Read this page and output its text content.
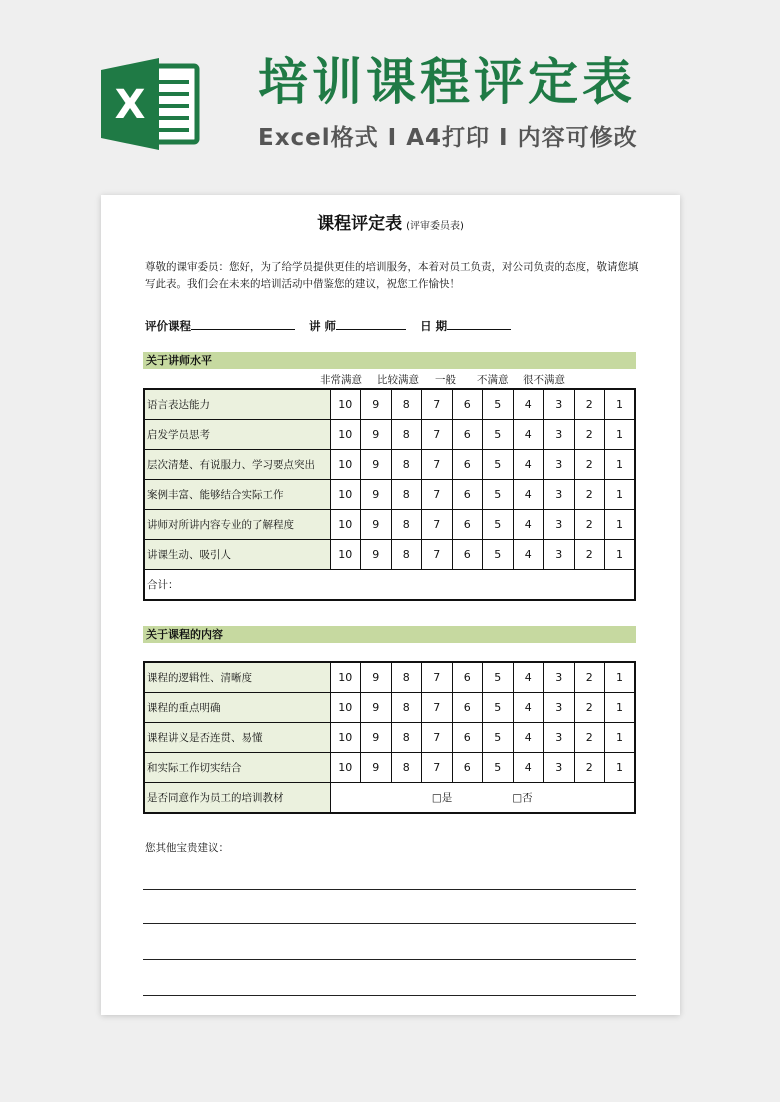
X 培训课程评定表
Excel格式 I A4打印 I 内容可修改
课程评定表 (评审委员表)
尊敬的课审委员：您好，为了给学员提供更佳的培训服务，本着对员工负责，对公司负责的态度，敬请您填写此表。我们会在未来的培训活动中借鉴您的建议，祝您工作愉快！
评价课程	讲 师	日 期
关于讲师水平
非常满意 比较满意 一般 不满意 很不满意
语言表达能力	10	9	8	7	6	5	4	3	2	1
启发学员思考	10	9	8	7	6	5	4	3	2	1
层次清楚、有说服力、学习要点突出	10	9	8	7	6	5	4	3	2	1
案例丰富、能够结合实际工作	10	9	8	7	6	5	4	3	2	1
讲师对所讲内容专业的了解程度	10	9	8	7	6	5	4	3	2	1
讲课生动、吸引人	10	9	8	7	6	5	4	3	2	1
合计：										
关于课程的内容
课程的逻辑性、清晰度	10	9	8	7	6	5	4	3	2	1
课程的重点明确	10	9	8	7	6	5	4	3	2	1
课程讲义是否连贯、易懂	10	9	8	7	6	5	4	3	2	1
和实际工作切实结合	10	9	8	7	6	5	4	3	2	1
是否同意作为员工的培训教材	□是 □否									
您其他宝贵建议：
